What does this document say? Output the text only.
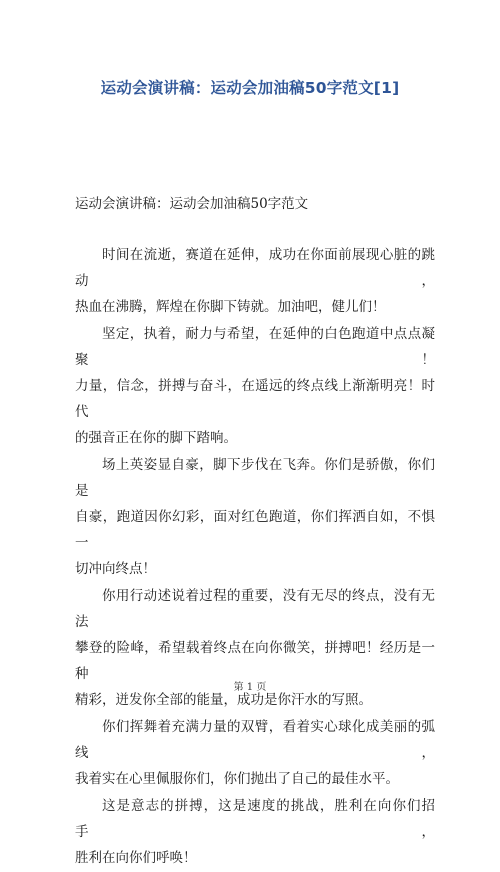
运动会演讲稿：运动会加油稿50字范文[1]
运动会演讲稿：运动会加油稿50字范文

时间在流逝，赛道在延伸，成功在你面前展现心脏的跳动，
热血在沸腾，辉煌在你脚下铸就。加油吧，健儿们！

坚定，执着，耐力与希望，在延伸的白色跑道中点点凝聚！
力量，信念，拼搏与奋斗，在遥远的终点线上渐渐明亮！时代
的强音正在你的脚下踏响。

场上英姿显自豪，脚下步伐在飞奔。你们是骄傲，你们是
自豪，跑道因你幻彩，面对红色跑道，你们挥洒自如，不惧一
切冲向终点！

你用行动述说着过程的重要，没有无尽的终点，没有无法
攀登的险峰，希望载着终点在向你微笑，拼搏吧！经历是一种
精彩，迸发你全部的能量，成功是你汗水的写照。

你们挥舞着充满力量的双臂，看着实心球化成美丽的弧线，
我着实在心里佩服你们，你们抛出了自己的最佳水平。

这是意志的拼搏，这是速度的挑战，胜利在向你们招手，
胜利在向你们呼唤！

第 1 页
